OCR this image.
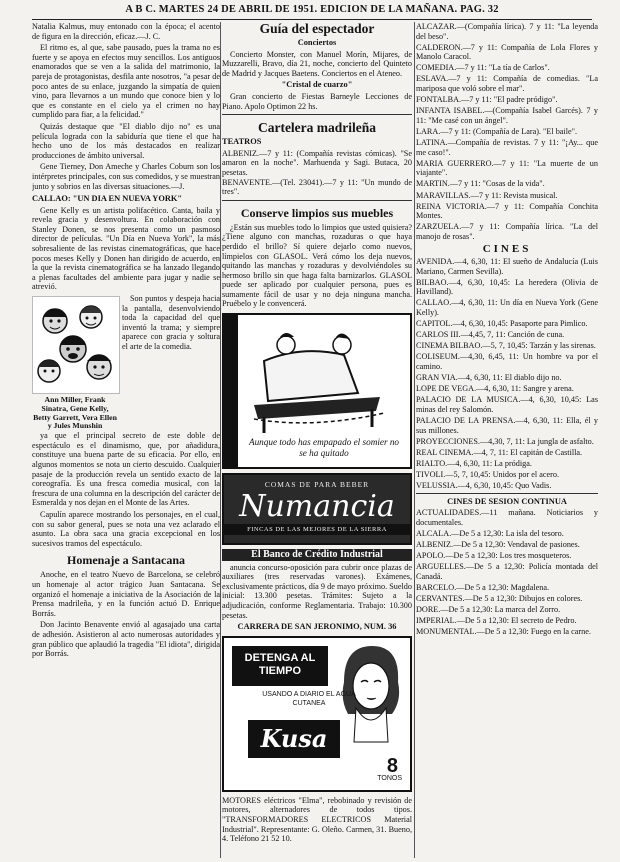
A B C. MARTES 24 DE ABRIL DE 1951. EDICION DE LA MAÑANA. PAG. 32

Natalia Kalmus, muy entonado con la época; el acento de figura en la dirección, eficaz.—J. C.

El ritmo es, al que, sabe pausado, pues la trama no es fuerte y se apoya en efectos muy sencillos. Los antiguos enamorados que se ven a la salida del matrimonio, la pareja de protagonistas, desfila ante nosotros, "a pesar de poco antes de su enlace, juzgando la simpatía de quien vino, para llevarnos a un mundo que conoce bien y lo que es constante en el cielo ya el crimen no hay cumplido para fiar, a la felicidad."

Quizás destaque que "El diablo dijo no" es una película lograda con la sabiduría que tiene el que ha hecho uno de los más destacados en realizar producciones de ámbito universal.

Gene Tierney, Don Ameche y Charles Coburn son los intérpretes principales, con sus comedidos, y se muestran junto y sobrios en las diversas situaciones.—J.

CALLAO: "UN DIA EN NUEVA YORK"

Gene Kelly es un artista polifacético. Canta, baila y revela gracia y desenvoltura. En colaboración con Stanley Donen, se nos presenta como un pasmoso director de películas. "Un Día en Nueva York", la más sobresaliente de las revistas cinematográficas, que hace pocos meses Kelly y Donen han dirigido de acuerdo, en la que la revista cinematográfica se ha lanzado llegando a plenas facultades del ambiente para jugar y nadie se atrevió.

Ann Miller, Frank Sinatra, Gene Kelly, Betty Garrett, Vera Ellen y Jules Munshin

Son puntos y despeja hacia la pantalla, desenvolviendo toda la capacidad del que inventó la trama; y siempre aparece con gracia y soltura el arte de la comedia.

ya que el principal secreto de este doble de espectáculo es el dinamismo, que, por añadidura, constituye una buena parte de su eficacia. Por ello, en algunos momentos se nota un cierto descuido. Cualquier pasaje de la producción revela un sentido exacto de la coreografía. Es una fresca comedia musical, con la frescura de una columna en la descripción del carácter de Esmeralda y nos dejan en el Monte de las Artes.

Capulín aparece mostrando los personajes, en el cual, con su sabor general, pues se nota una vez aclarado el asunto. La obra saca una gracia excepcional en los sucesivos tramos del espectáculo.

Homenaje a Santacana

Anoche, en el teatro Nuevo de Barcelona, se celebró un homenaje al actor trágico Juan Santacana. Se organizó el homenaje a iniciativa de la Asociación de la Prensa madrileña, y en la función actuó D. Enrique Borrás.

Don Jacinto Benavente envió al agasajado una carta de adhesión. Asistieron al acto numerosas autoridades y gran público que aplaudió la tragedia "El idiota", dirigida por Borrás.

Guía del espectador
Conciertos

Concierto Monster, con Manuel Morín, Mijares, de Muzzarelli, Bravo, día 21, noche, concierto del Quinteto de Madrid y Jacques Baetens. Conciertos en el Ateneo.

"Cristal de cuarzo"

Gran concierto de Fiestas Barneyle Lecciones de Piano. Apolo Optimon 22 hs.

Cartelera madrileña
TEATROS

ALBENIZ.—7 y 11: (Compañía revistas cómicas). "Se amaron en la noche". Marhuenda y Sagi. Butaca, 20 pesetas.
BENAVENTE.—(Tel. 23041).—7 y 11: "Un mundo de tres".

Conserve limpios sus muebles

¿Están sus muebles todo lo limpios que usted quisiera? ¿Tiene alguno con manchas, rozaduras o que haya perdido el brillo? Sí quiere dejarlo como nuevos, límpielos con GLASOL. Verá cómo los deja nuevos, quitando las manchas y rozaduras y devolviéndoles su hermoso brillo sin que haga falta barnizarlos. GLASOL puede ser aplicado por cualquier persona, pues es sumamente fácil de usar y no deja ninguna mancha. Pruébelo y le convencerá.

Aunque todo has empapado el somier no se ha quitado
COMAS DE PARA BEBER
Numancia
FINCAS DE LAS MEJORES DE LA SIERRA
El Banco de Crédito Industrial

anuncia concurso-oposición para cubrir once plazas de auxiliares (tres reservadas varones). Exámenes, exclusivamente prácticos, día 9 de mayo próximo. Sueldo inicial: 13.300 pesetas. Trámites: Sujeto a la adjudicación, conforme Reglamentaria. Trabajo: 10.300 pesetas.

CARRERA DE SAN JERONIMO, NUM. 36
DETENGA AL TIEMPO
USANDO A DIARIO EL AGUA CUTANEA
Kusa
8
TONOS

MOTORES eléctricos "Elma", rebobinado y revisión de motores, alternadores de todos tipos. "TRANSFORMADORES ELECTRICOS Material Industrial". Representante: G. Oleño. Carmen, 31. Bueno, 4. Teléfono 21 52 10.

ALCAZAR.—(Compañía lírica). 7 y 11: "La leyenda del beso".

CALDERON.—7 y 11: Compañía de Lola Flores y Manolo Caracol.

COMEDIA.—7 y 11: "La tía de Carlos".

ESLAVA.—7 y 11: Compañía de comedias. "La mariposa que voló sobre el mar".

FONTALBA.—7 y 11: "El padre pródigo".

INFANTA ISABEL.—(Compañía Isabel Garcés). 7 y 11: "Me casé con un ángel".

LARA.—7 y 11: (Compañía de Lara). "El baile".

LATINA.—Compañía de revistas. 7 y 11: "¡Ay... que me caso!".

MARIA GUERRERO.—7 y 11: "La muerte de un viajante".

MARTIN.—7 y 11: "Cosas de la vida".

MARAVILLAS.—7 y 11: Revista musical.

REINA VICTORIA.—7 y 11: Compañía Conchita Montes.

ZARZUELA.—7 y 11: Compañía lírica. "La del manojo de rosas".

CINES

AVENIDA.—4, 6,30, 11: El sueño de Andalucía (Luis Mariano, Carmen Sevilla).

BILBAO.—4, 6,30, 10,45: La heredera (Olivia de Havilland).

CALLAO.—4, 6,30, 11: Un día en Nueva York (Gene Kelly).

CAPITOL.—4, 6,30, 10,45: Pasaporte para Pimlico.

CARLOS III.—4,45, 7, 11: Canción de cuna.

CINEMA BILBAO.—5, 7, 10,45: Tarzán y las sirenas.

COLISEUM.—4,30, 6,45, 11: Un hombre va por el camino.

GRAN VIA.—4, 6,30, 11: El diablo dijo no.

LOPE DE VEGA.—4, 6,30, 11: Sangre y arena.

PALACIO DE LA MUSICA.—4, 6,30, 10,45: Las minas del rey Salomón.

PALACIO DE LA PRENSA.—4, 6,30, 11: Ella, él y sus millones.

PROYECCIONES.—4,30, 7, 11: La jungla de asfalto.

REAL CINEMA.—4, 7, 11: El capitán de Castilla.

RIALTO.—4, 6,30, 11: La pródiga.

TIVOLI.—5, 7, 10,45: Unidos por el acero.

VELUSSIA.—4, 6,30, 10,45: Quo Vadis.

CINES DE SESION CONTINUA

ACTUALIDADES.—11 mañana. Noticiarios y documentales.

ALCALA.—De 5 a 12,30: La isla del tesoro.

ALBENIZ.—De 5 a 12,30: Vendaval de pasiones.

APOLO.—De 5 a 12,30: Los tres mosqueteros.

ARGUELLES.—De 5 a 12,30: Policía montada del Canadá.

BARCELO.—De 5 a 12,30: Magdalena.

CERVANTES.—De 5 a 12,30: Dibujos en colores.

DORE.—De 5 a 12,30: La marca del Zorro.

IMPERIAL.—De 5 a 12,30: El secreto de Pedro.

MONUMENTAL.—De 5 a 12,30: Fuego en la carne.
